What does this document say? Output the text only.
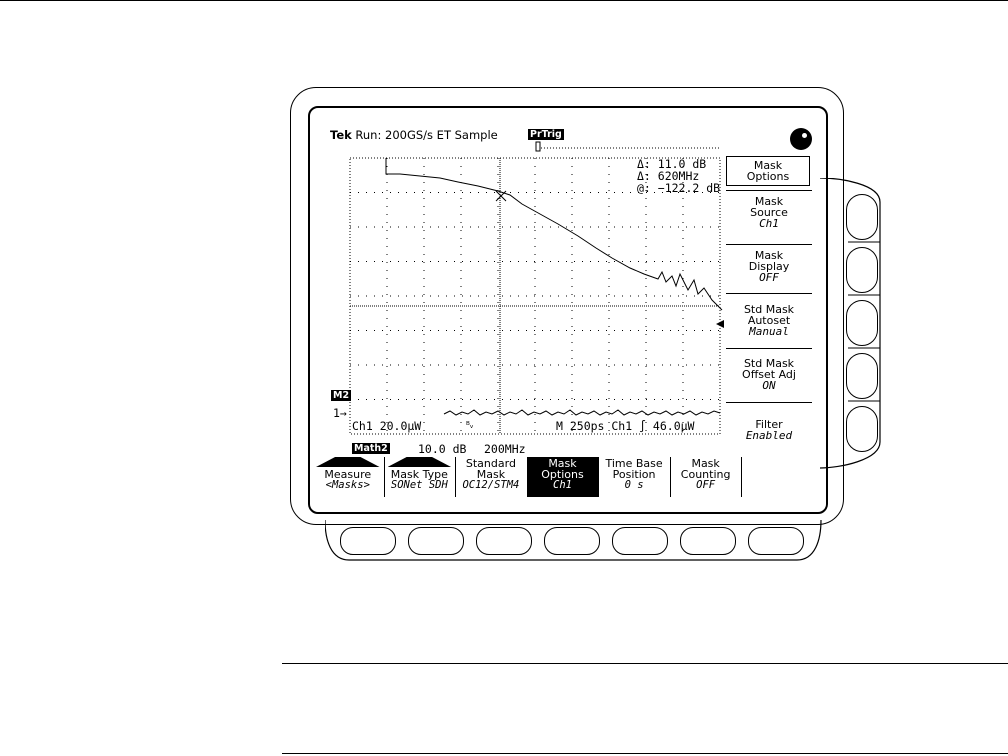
Tek Run: 200GS/s ET Sample	PrTrig
Δ: 11.0 dB
Δ: 620MHz
@: −122.2 dB
M2
1→
Ch1 20.0μW	ᴮᵥ	M 250ps Ch1 ∫ 46.0μW
Math2	10.0 dB 200MHz
Mask
Options
Mask
Source
Ch1
Mask
Display
OFF
Std Mask
Autoset
Manual
Std Mask
Offset Adj
ON
Filter
Enabled
Measure
<Masks>
Mask Type
SONet SDH
Standard
Mask
OC12/STM4
Mask
Options
Ch1
Time Base
Position
0 s
Mask
Counting
OFF
